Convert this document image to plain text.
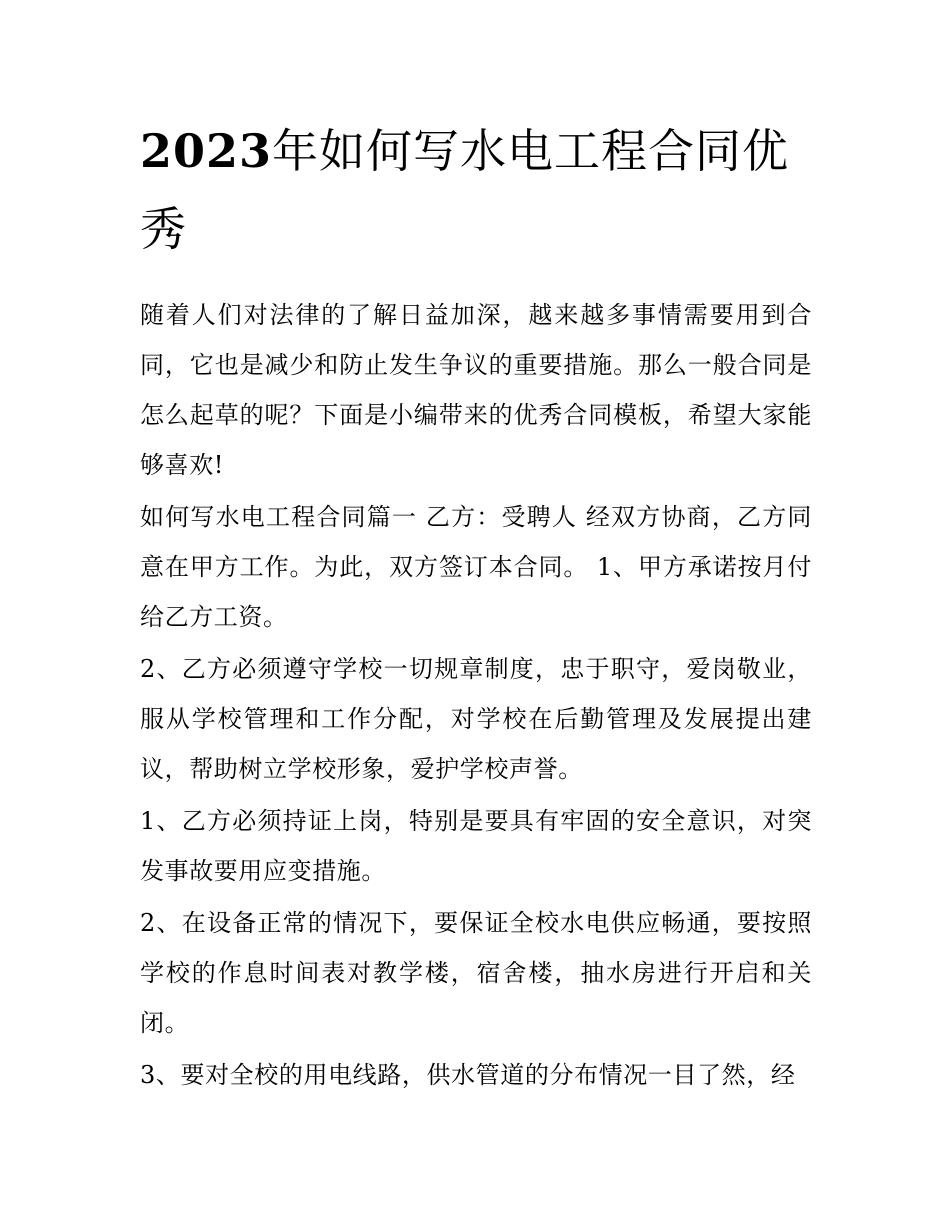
2023年如何写水电工程合同优秀

随着人们对法律的了解日益加深，越来越多事情需要用到合同，它也是减少和防止发生争议的重要措施。那么一般合同是怎么起草的呢？下面是小编带来的优秀合同模板，希望大家能够喜欢!

如何写水电工程合同篇一 乙方：受聘人 经双方协商，乙方同意在甲方工作。为此，双方签订本合同。 1、甲方承诺按月付给乙方工资。

2、乙方必须遵守学校一切规章制度，忠于职守，爱岗敬业，服从学校管理和工作分配，对学校在后勤管理及发展提出建议，帮助树立学校形象，爱护学校声誉。

1、乙方必须持证上岗，特别是要具有牢固的安全意识，对突发事故要用应变措施。

2、在设备正常的情况下，要保证全校水电供应畅通，要按照学校的作息时间表对教学楼，宿舍楼，抽水房进行开启和关闭。

3、要对全校的用电线路，供水管道的分布情况一目了然，经
